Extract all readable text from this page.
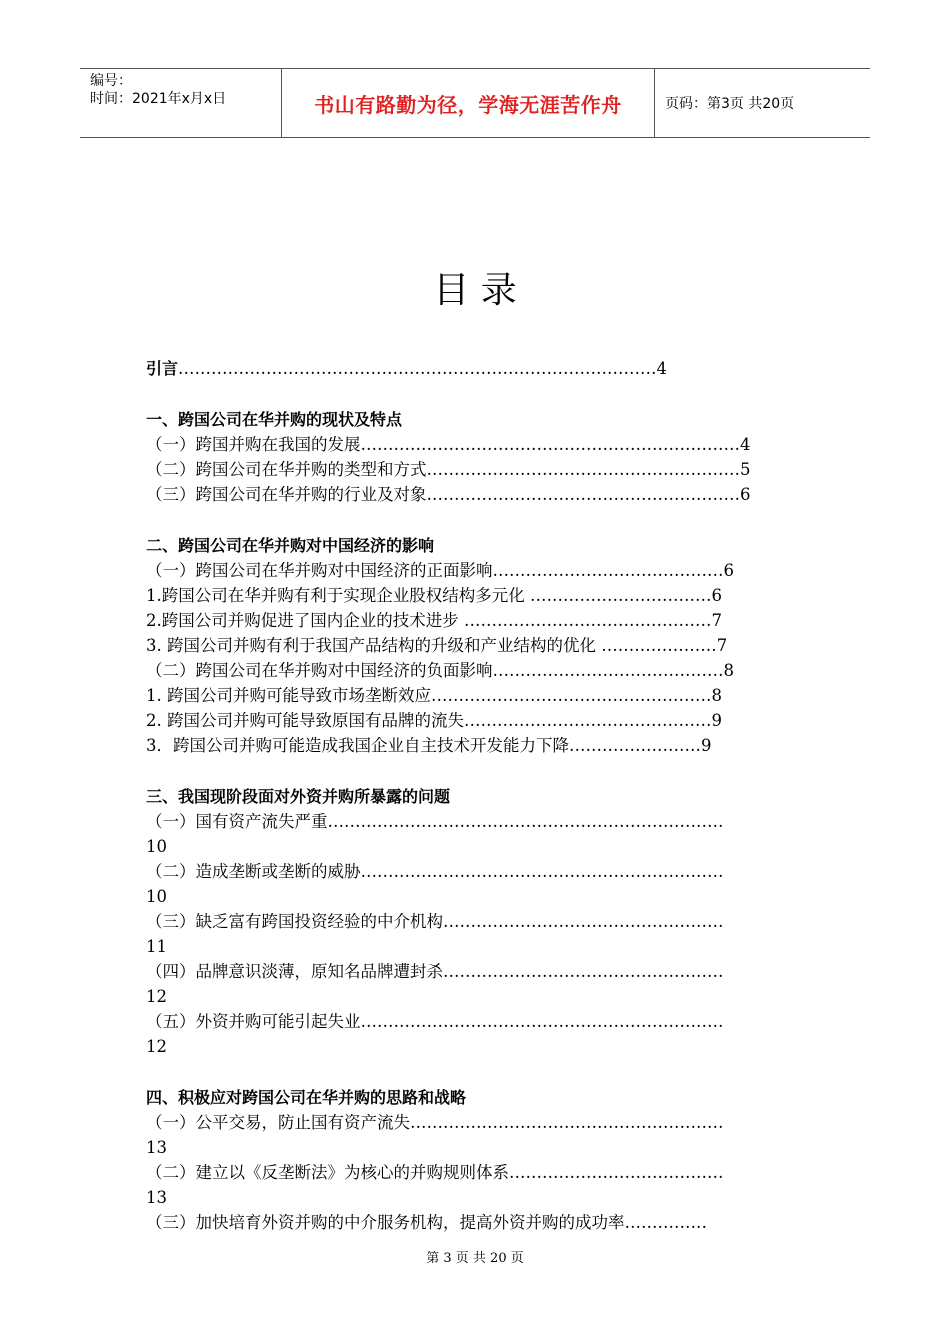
编号：
时间：2021年x月x日	书山有路勤为径，学海无涯苦作舟	页码：第3页 共20页
目 录
引言……………………………………………………………………………4
一、跨国公司在华并购的现状及特点
（一）跨国并购在我国的发展……………………………………………………………4
（二）跨国公司在华并购的类型和方式…………………………………………………5
（三）跨国公司在华并购的行业及对象…………………………………………………6
二、跨国公司在华并购对中国经济的影响
（一）跨国公司在华并购对中国经济的正面影响……………………………………6
1.跨国公司在华并购有利于实现企业股权结构多元化 ……………………………6
2.跨国公司并购促进了国内企业的技术进步 ………………………………………7
3. 跨国公司并购有利于我国产品结构的升级和产业结构的优化 …………………7
（二）跨国公司在华并购对中国经济的负面影响……………………………………8
1. 跨国公司并购可能导致市场垄断效应……………………………………………8
2. 跨国公司并购可能导致原国有品牌的流失………………………………………9
3．跨国公司并购可能造成我国企业自主技术开发能力下降……………………9
三、我国现阶段面对外资并购所暴露的问题
（一）国有资产流失严重………………………………………………………………
10
（二）造成垄断或垄断的威胁…………………………………………………………
10
（三）缺乏富有跨国投资经验的中介机构……………………………………………
11
（四）品牌意识淡薄，原知名品牌遭封杀……………………………………………
12
（五）外资并购可能引起失业…………………………………………………………
12
四、积极应对跨国公司在华并购的思路和战略
（一）公平交易，防止国有资产流失…………………………………………………
13
（二）建立以《反垄断法》为核心的并购规则体系…………………………………
13
（三）加快培育外资并购的中介服务机构，提高外资并购的成功率……………
第 3 页 共 20 页
